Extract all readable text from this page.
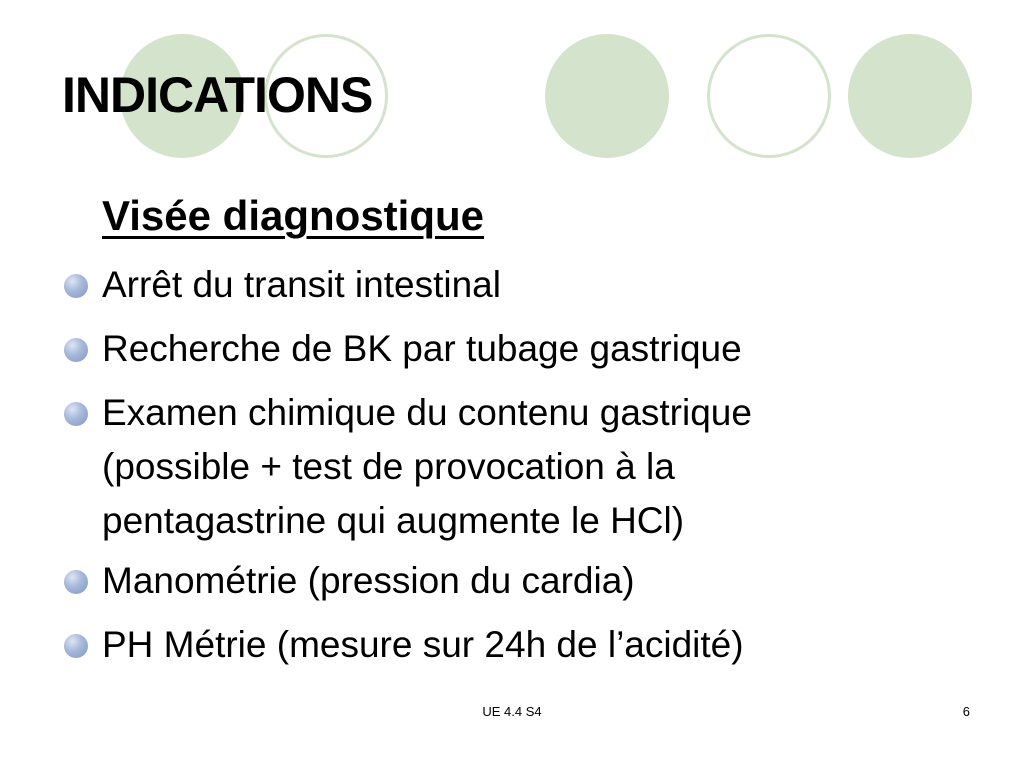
INDICATIONS
Visée diagnostique
Arrêt du transit intestinal
Recherche de BK par tubage gastrique
Examen chimique du contenu gastrique
(possible + test de provocation à la
pentagastrine qui augmente le HCl)
Manométrie (pression du cardia)
PH Métrie (mesure sur 24h de l’acidité)
UE 4.4 S4	6
